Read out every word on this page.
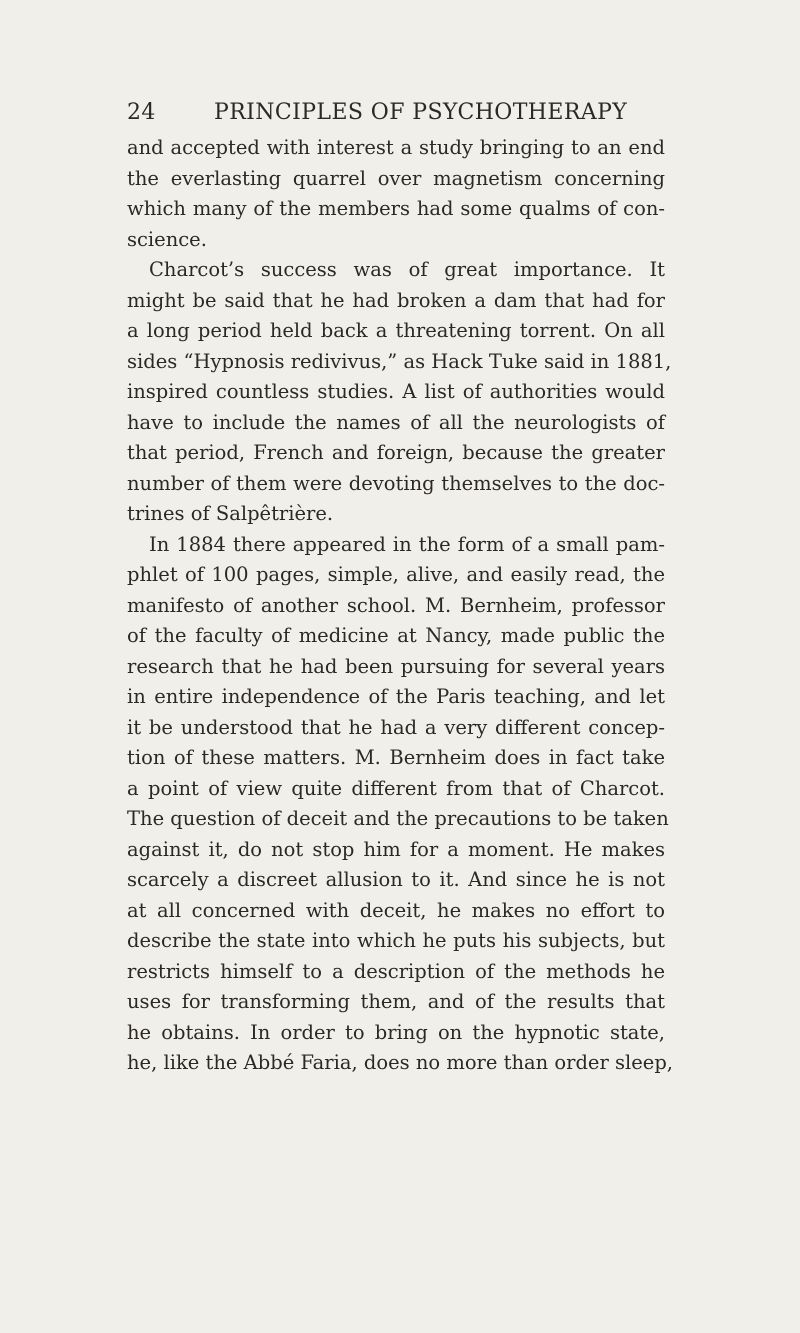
24	PRINCIPLES OF PSYCHOTHERAPY
and accepted with interest a study bringing to an end
the everlasting quarrel over magnetism concerning
which many of the members had some qualms of con-
science.
Charcot’s success was of great importance. It
might be said that he had broken a dam that had for
a long period held back a threatening torrent. On all
sides “Hypnosis redivivus,” as Hack Tuke said in 1881,
inspired countless studies. A list of authorities would
have to include the names of all the neurologists of
that period, French and foreign, because the greater
number of them were devoting themselves to the doc-
trines of Salpêtrière.
In 1884 there appeared in the form of a small pam-
phlet of 100 pages, simple, alive, and easily read, the
manifesto of another school. M. Bernheim, professor
of the faculty of medicine at Nancy, made public the
research that he had been pursuing for several years
in entire independence of the Paris teaching, and let
it be understood that he had a very different concep-
tion of these matters. M. Bernheim does in fact take
a point of view quite different from that of Charcot.
The question of deceit and the precautions to be taken
against it, do not stop him for a moment. He makes
scarcely a discreet allusion to it. And since he is not
at all concerned with deceit, he makes no effort to
describe the state into which he puts his subjects, but
restricts himself to a description of the methods he
uses for transforming them, and of the results that
he obtains. In order to bring on the hypnotic state,
he, like the Abbé Faria, does no more than order sleep,
